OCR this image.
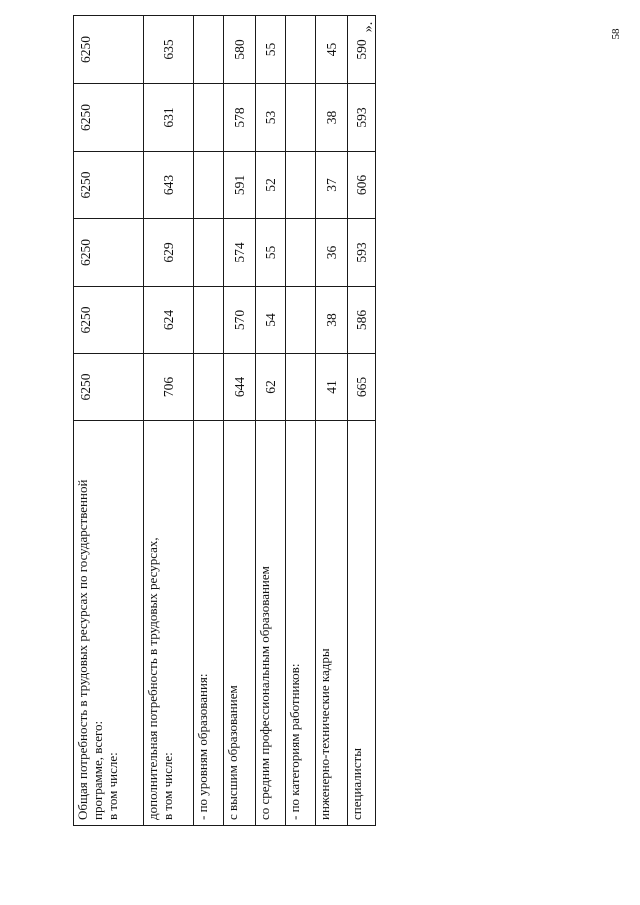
Общая потребность в трудовых ресурсах по государственной программе, всего: в том числе:	6250	6250	6250	6250	6250	6250

дополнительная потребность в трудовых ресурсах, в том числе:	706	624	629	643	631	635
- по уровням образования:						
с высшим образованием	644	570	574	591	578	580
со средним профессиональным образованием	62	54	55	52	53	55
- по категориям работников:						
инженерно-технические кадры	41	38	36	37	38	45
специалисты	665	586	593	606	593	590
».
58
